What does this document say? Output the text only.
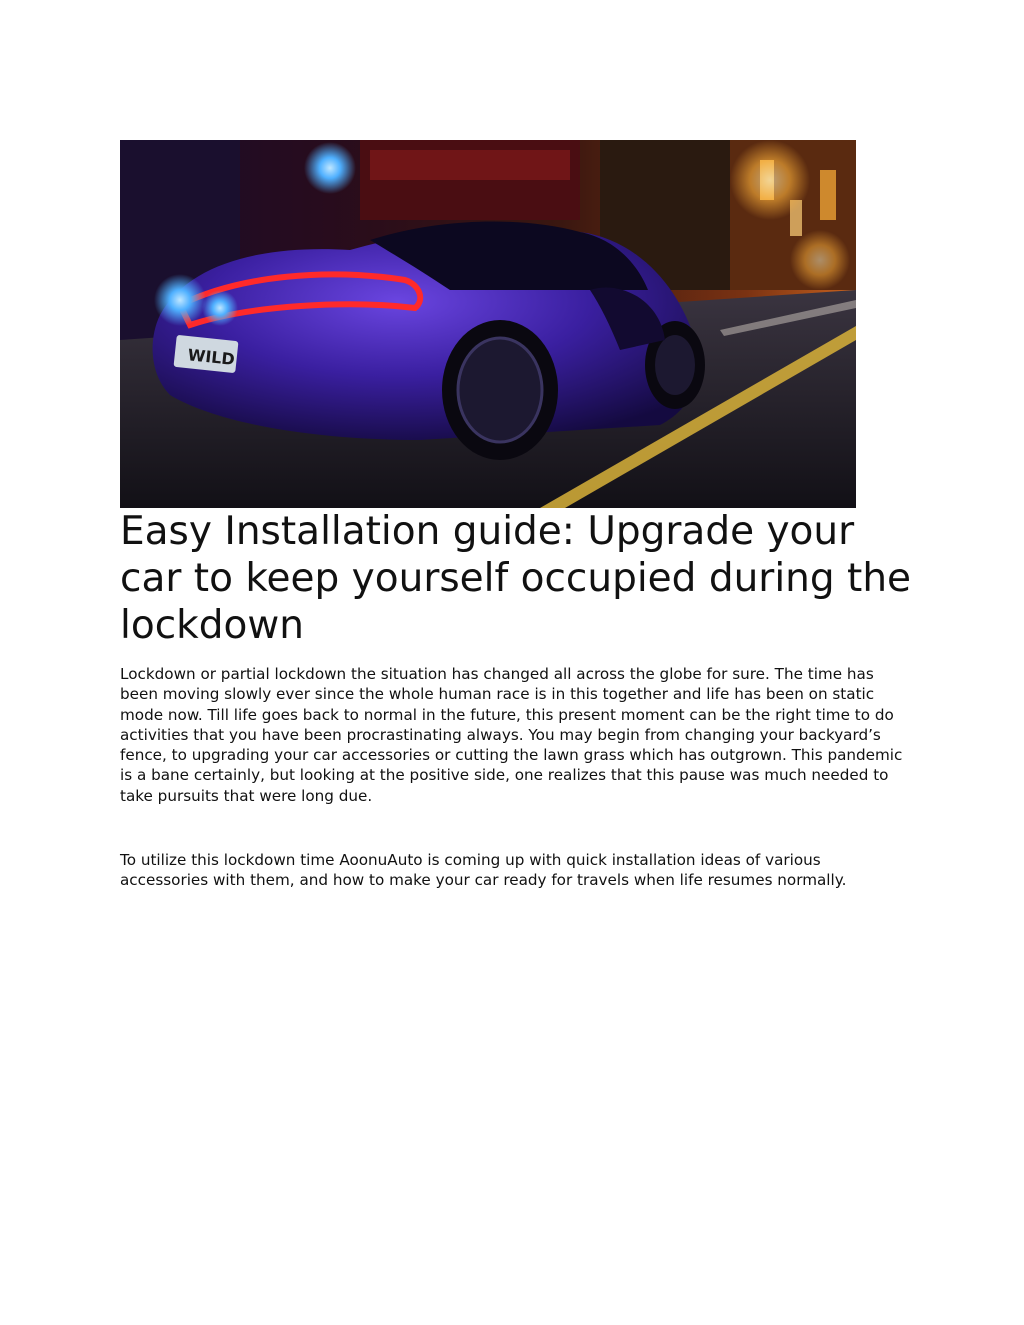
WILD
Easy Installation guide: Upgrade your car to keep yourself occupied during the lockdown

Lockdown or partial lockdown the situation has changed all across the globe for sure. The time has been moving slowly ever since the whole human race is in this together and life has been on static mode now. Till life goes back to normal in the future, this present moment can be the right time to do activities that you have been procrastinating always. You may begin from changing your backyard’s fence, to upgrading your car accessories or cutting the lawn grass which has outgrown. This pandemic is a bane certainly, but looking at the positive side, one realizes that this pause was much needed to take pursuits that were long due.

To utilize this lockdown time AoonuAuto is coming up with quick installation ideas of various accessories with them, and how to make your car ready for travels when life resumes normally.
